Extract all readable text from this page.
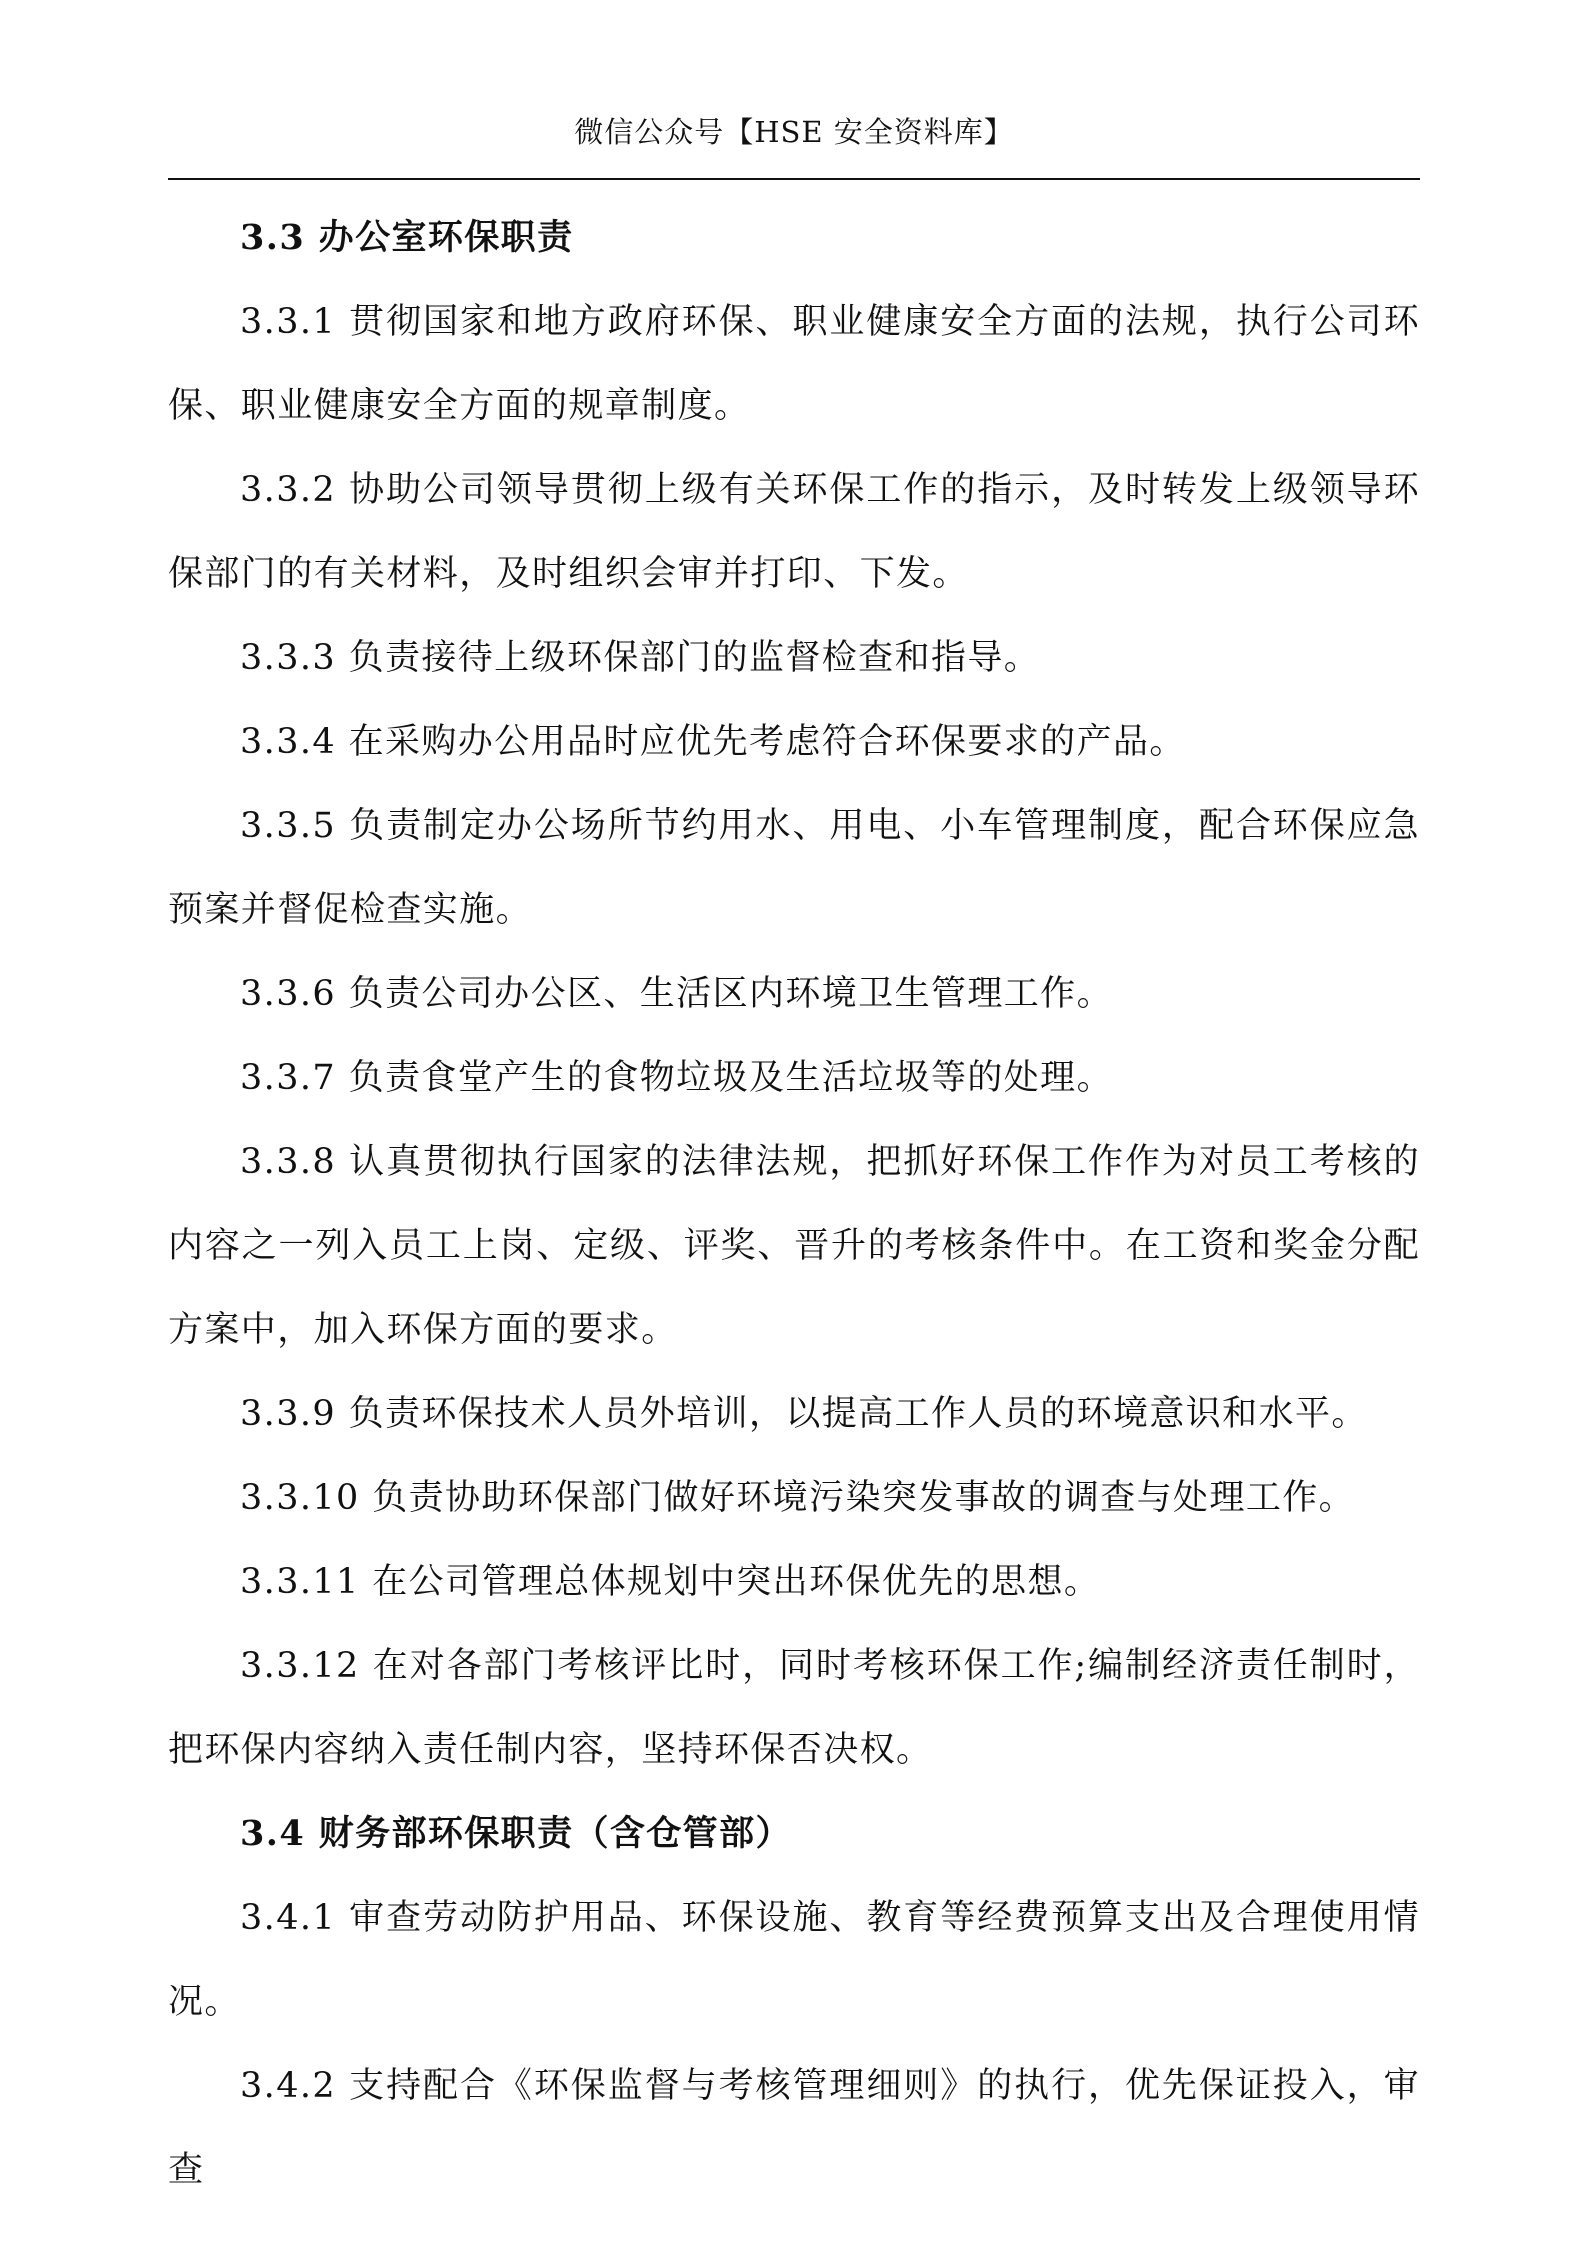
微信公众号【HSE 安全资料库】

3.3 办公室环保职责

3.3.1 贯彻国家和地方政府环保、职业健康安全方面的法规，执行公司环保、职业健康安全方面的规章制度。

3.3.2 协助公司领导贯彻上级有关环保工作的指示，及时转发上级领导环保部门的有关材料，及时组织会审并打印、下发。

3.3.3 负责接待上级环保部门的监督检查和指导。

3.3.4 在采购办公用品时应优先考虑符合环保要求的产品。

3.3.5 负责制定办公场所节约用水、用电、小车管理制度，配合环保应急预案并督促检查实施。

3.3.6 负责公司办公区、生活区内环境卫生管理工作。

3.3.7 负责食堂产生的食物垃圾及生活垃圾等的处理。

3.3.8 认真贯彻执行国家的法律法规，把抓好环保工作作为对员工考核的内容之一列入员工上岗、定级、评奖、晋升的考核条件中。在工资和奖金分配方案中，加入环保方面的要求。

3.3.9 负责环保技术人员外培训，以提高工作人员的环境意识和水平。

3.3.10 负责协助环保部门做好环境污染突发事故的调查与处理工作。

3.3.11 在公司管理总体规划中突出环保优先的思想。

3.3.12 在对各部门考核评比时，同时考核环保工作;编制经济责任制时，把环保内容纳入责任制内容，坚持环保否决权。

3.4 财务部环保职责（含仓管部）

3.4.1 审查劳动防护用品、环保设施、教育等经费预算支出及合理使用情况。

3.4.2 支持配合《环保监督与考核管理细则》的执行，优先保证投入，审查
